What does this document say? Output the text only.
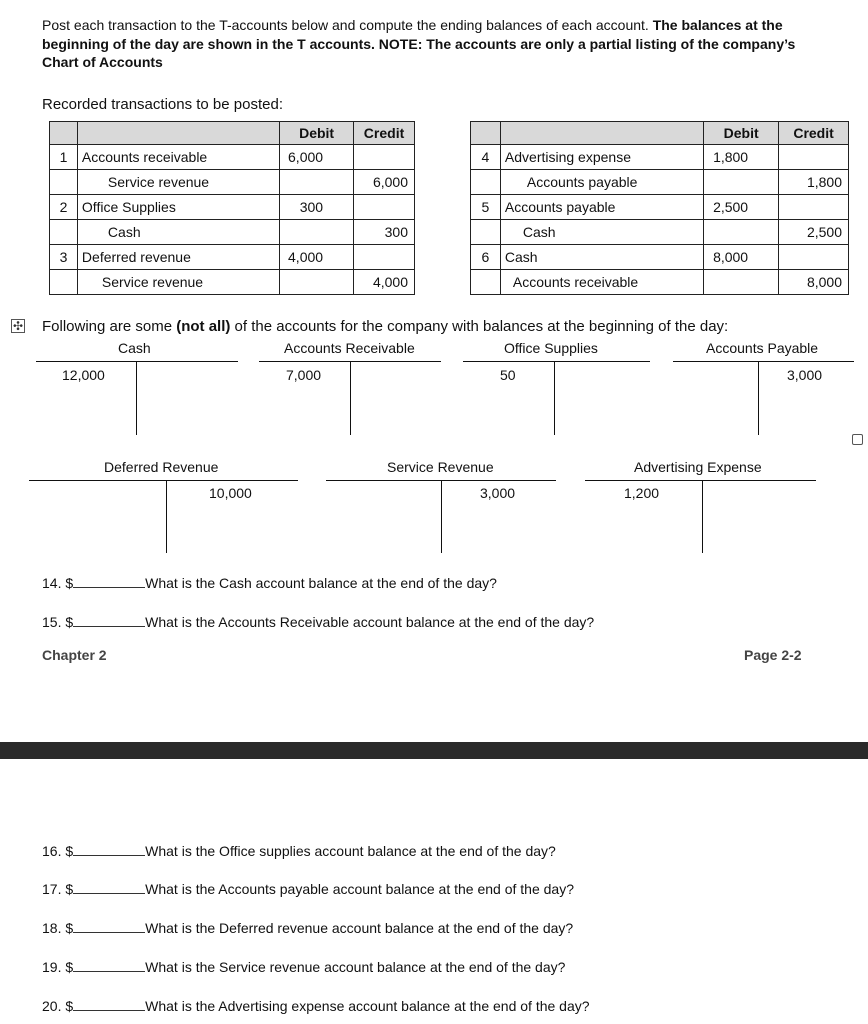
Post each transaction to the T-accounts below and compute the ending balances of each account. The balances at the beginning of the day are shown in the T accounts. NOTE: The accounts are only a partial listing of the company’s Chart of Accounts
Recorded transactions to be posted:
		Debit	Credit
1	Accounts receivable	6,000	
	Service revenue		6,000
2	Office Supplies	300	
	Cash		300
3	Deferred revenue	4,000	
	Service revenue		4,000
		Debit	Credit
4	Advertising expense	1,800	
	Accounts payable		1,800
5	Accounts payable	2,500	
	Cash		2,500
6	Cash	8,000	
	Accounts receivable		8,000
✣ Following are some (not all) of the accounts for the company with balances at the beginning of the day:
Cash
12,000
Accounts Receivable
7,000
Office Supplies
50
Accounts Payable
3,000
Deferred Revenue
10,000
Service Revenue
3,000
Advertising Expense
1,200
14. $	What is the Cash account balance at the end of the day?
15. $	What is the Accounts Receivable account balance at the end of the day?
Chapter 2	Page 2-2
16. $	What is the Office supplies account balance at the end of the day?
17. $	What is the Accounts payable account balance at the end of the day?
18. $	What is the Deferred revenue account balance at the end of the day?
19. $	What is the Service revenue account balance at the end of the day?
20. $	What is the Advertising expense account balance at the end of the day?
